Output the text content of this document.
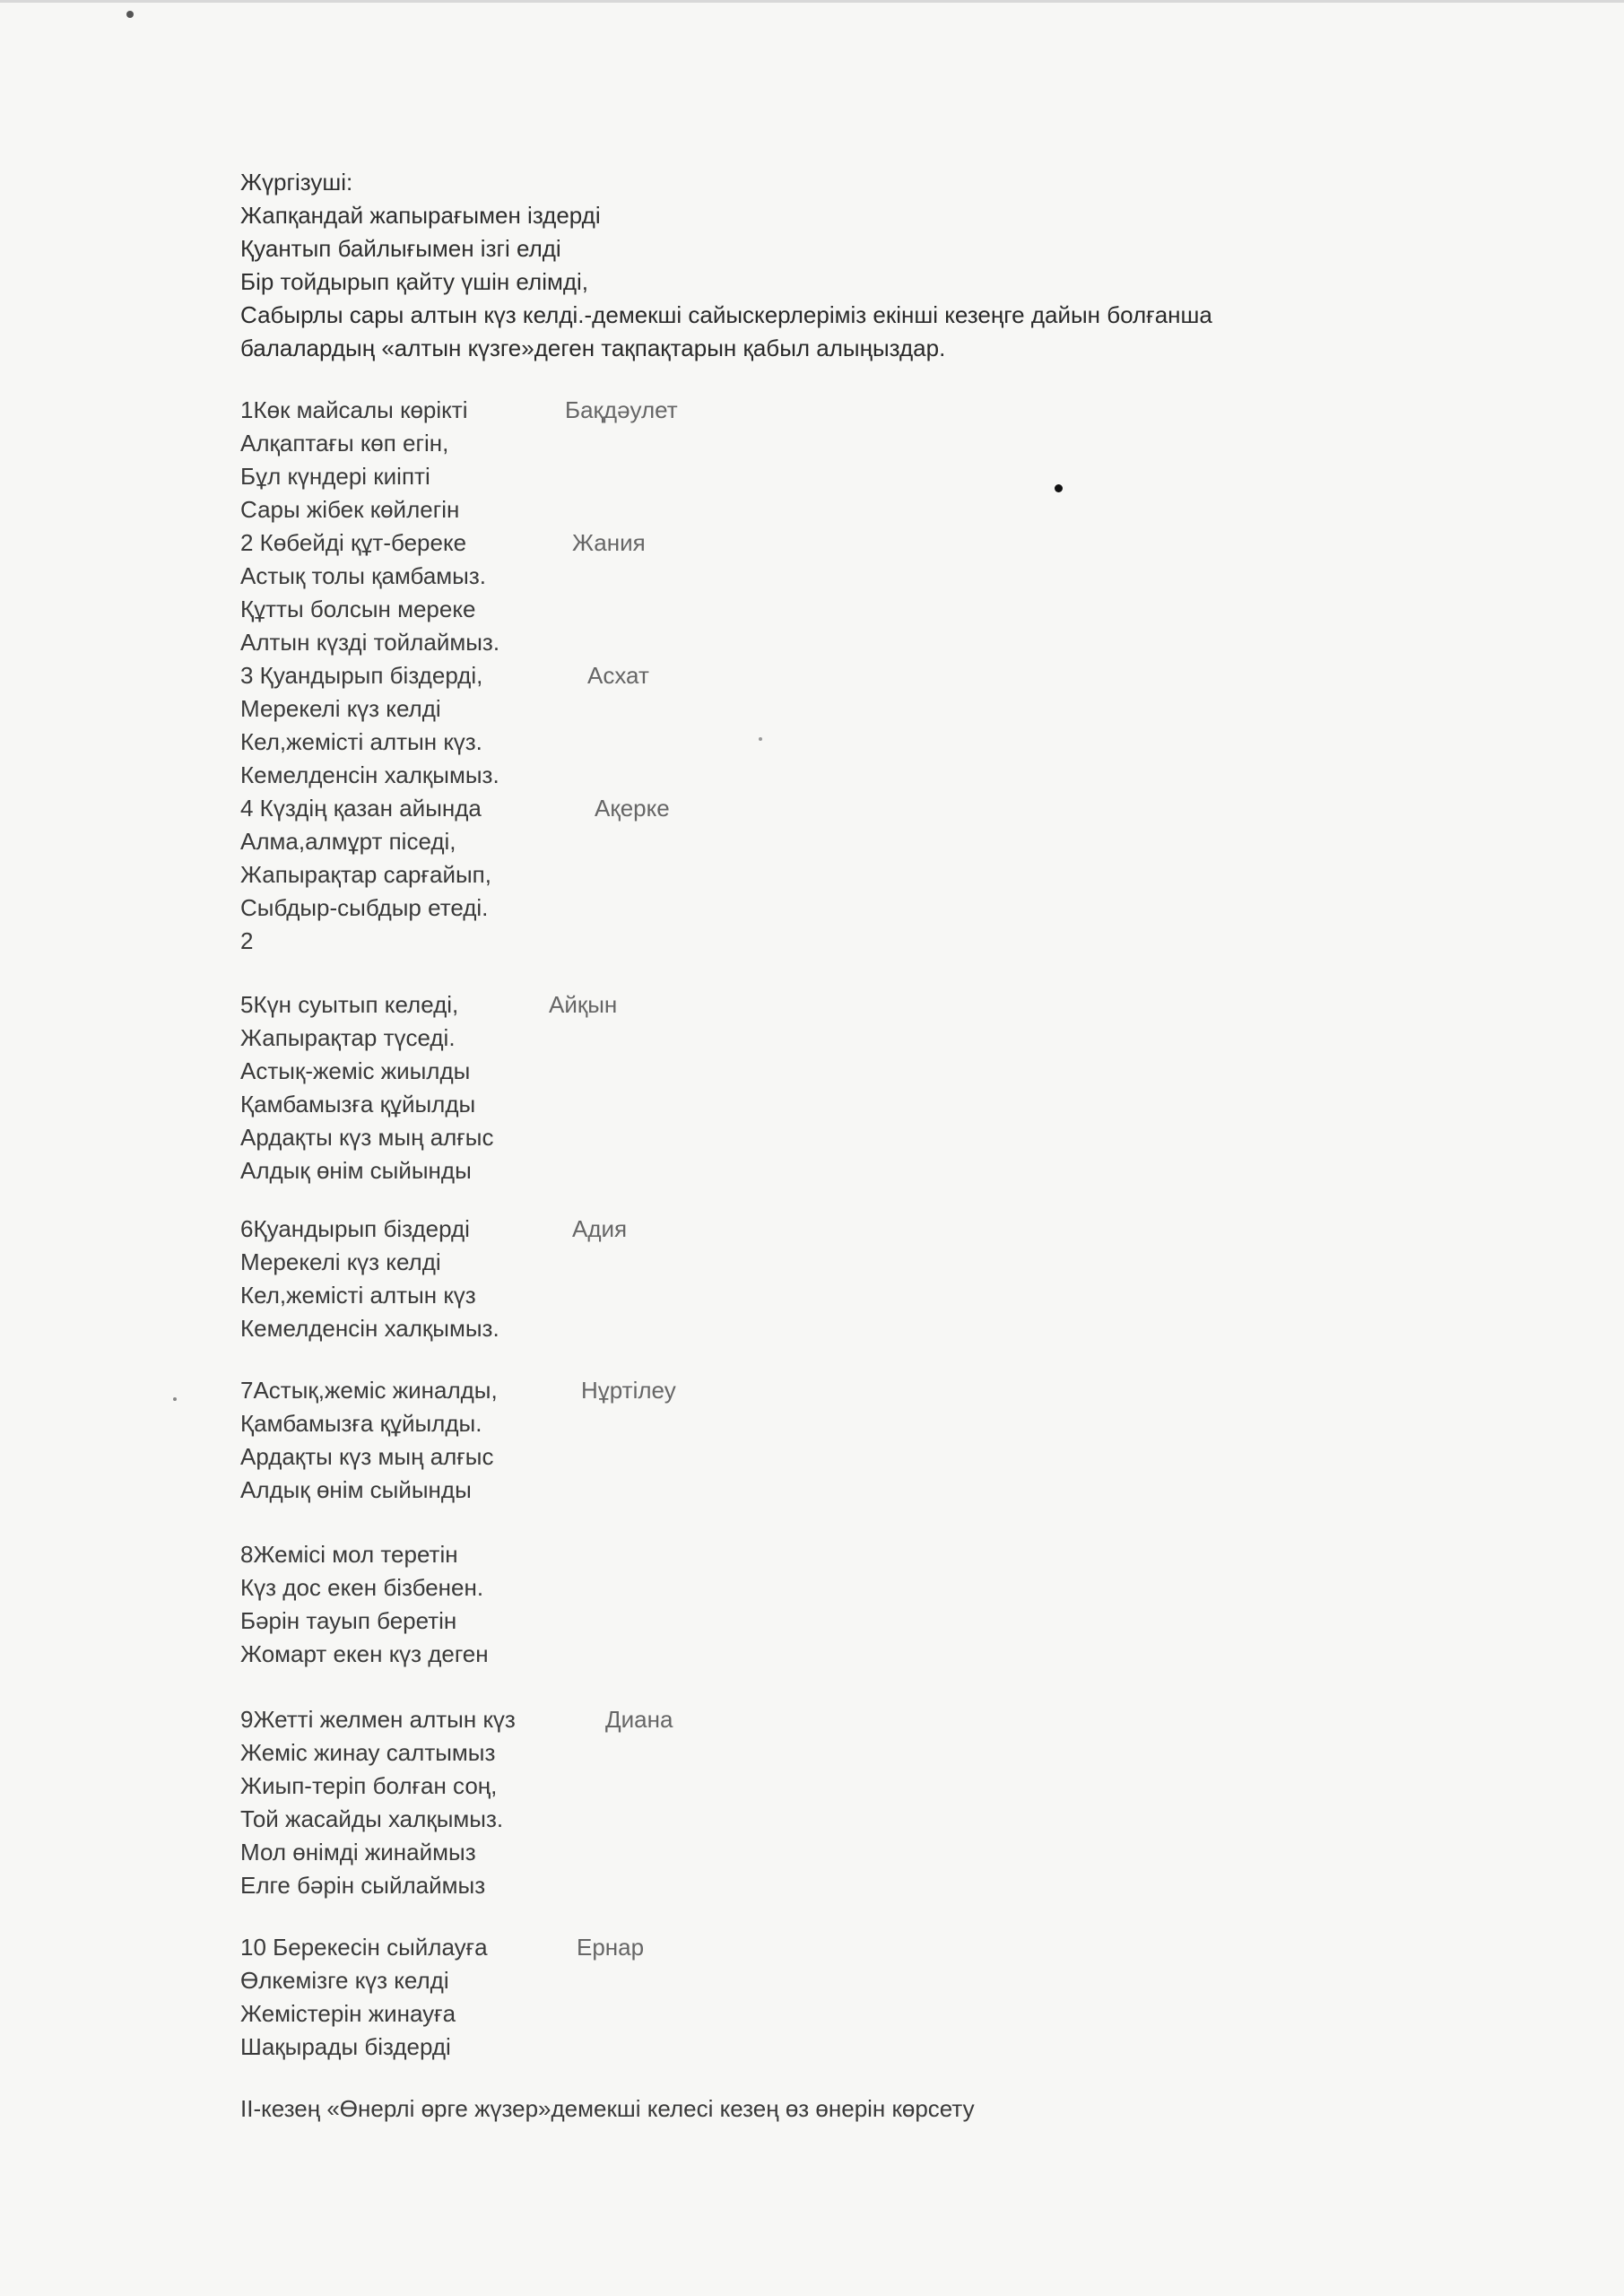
Жүргізуші:
Жапқандай жапырағымен іздерді
Қуантып байлығымен ізгі елді
Бір тойдырып қайту үшін елімді,
Сабырлы сары алтын күз келді.-демекші сайыскерлеріміз екінші кезеңге дайын болғанша
балалардың «алтын күзге»деген тақпақтарын қабыл алыңыздар.
1Көк майсалы көрікті	Бақдәулет
Алқаптағы көп егін,
Бұл күндері киіпті
Сары жібек көйлегін
2 Көбейді құт-береке	Жания
Астық толы қамбамыз.
Құтты болсын мереке
Алтын күзді тойлаймыз.
3 Қуандырып біздерді,	Асхат
Мерекелі күз келді
Кел,жемісті алтын күз.
Кемелденсін халқымыз.
4 Күздің қазан айында	Ақерке
Алма,алмұрт піседі,
Жапырақтар сарғайып,
Сыбдыр-сыбдыр етеді.
2
5Күн суытып келеді,	Айқын
Жапырақтар түседі.
Астық-жеміс жиылды
Қамбамызға құйылды
Ардақты күз мың алғыс
Алдық өнім сыйынды
6Қуандырып біздерді	Адия
Мерекелі күз келді
Кел,жемісті алтын күз
Кемелденсін халқымыз.
7Астық,жеміс жиналды,	Нұртілеу
Қамбамызға құйылды.
Ардақты күз мың алғыс
Алдық өнім сыйынды
8Жемісі мол теретін
Күз дос екен бізбенен.
Бәрін тауып беретін
Жомарт екен күз деген
9Жетті желмен алтын күз	Диана
Жеміс жинау салтымыз
Жиып-теріп болған соң,
Той жасайды халқымыз.
Мол өнімді жинаймыз
Елге бәрін сыйлаймыз
10 Берекесін сыйлауға	Ернар
Өлкемізге күз келді
Жемістерін жинауға
Шақырады біздерді
ІІ-кезең «Өнерлі өрге жүзер»демекші келесі кезең өз өнерін көрсету
